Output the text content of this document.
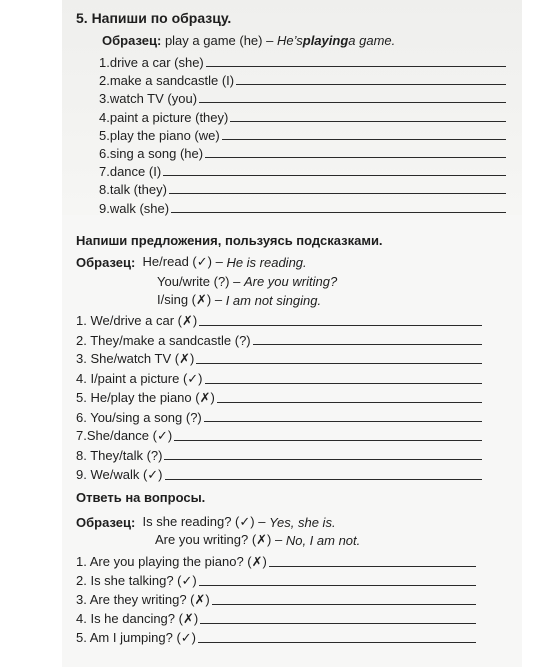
5. Напиши по образцу.
Образец:
play a game (he) –
He’s playing a game.
1.drive a car (she)
2.make a sandcastle (I)
3.watch TV (you)
4.paint a picture (they)
5.play the piano (we)
6.sing a song (he)
7.dance (I)
8.talk (they)
9.walk (she)
Напиши предложения, пользуясь подсказками.
Образец:
He/read (✓) –
He is reading.
You/write (?) –
Are you writing?
I/sing (✗) –
I am not singing.
1. We/drive a car (✗)
2. They/make a sandcastle (?)
3. She/watch TV (✗)
4. I/paint a picture (✓)
5. He/play the piano (✗)
6. You/sing a song (?)
7.She/dance (✓)
8. They/talk (?)
9. We/walk (✓)
Ответь на вопросы.
Образец:
Is she reading? (✓) –
Yes, she is.
Are you writing? (✗) –
No, I am not.
1. Are you playing the piano? (✗)
2. Is she talking? (✓)
3. Are they writing? (✗)
4. Is he dancing? (✗)
5. Am I jumping? (✓)
